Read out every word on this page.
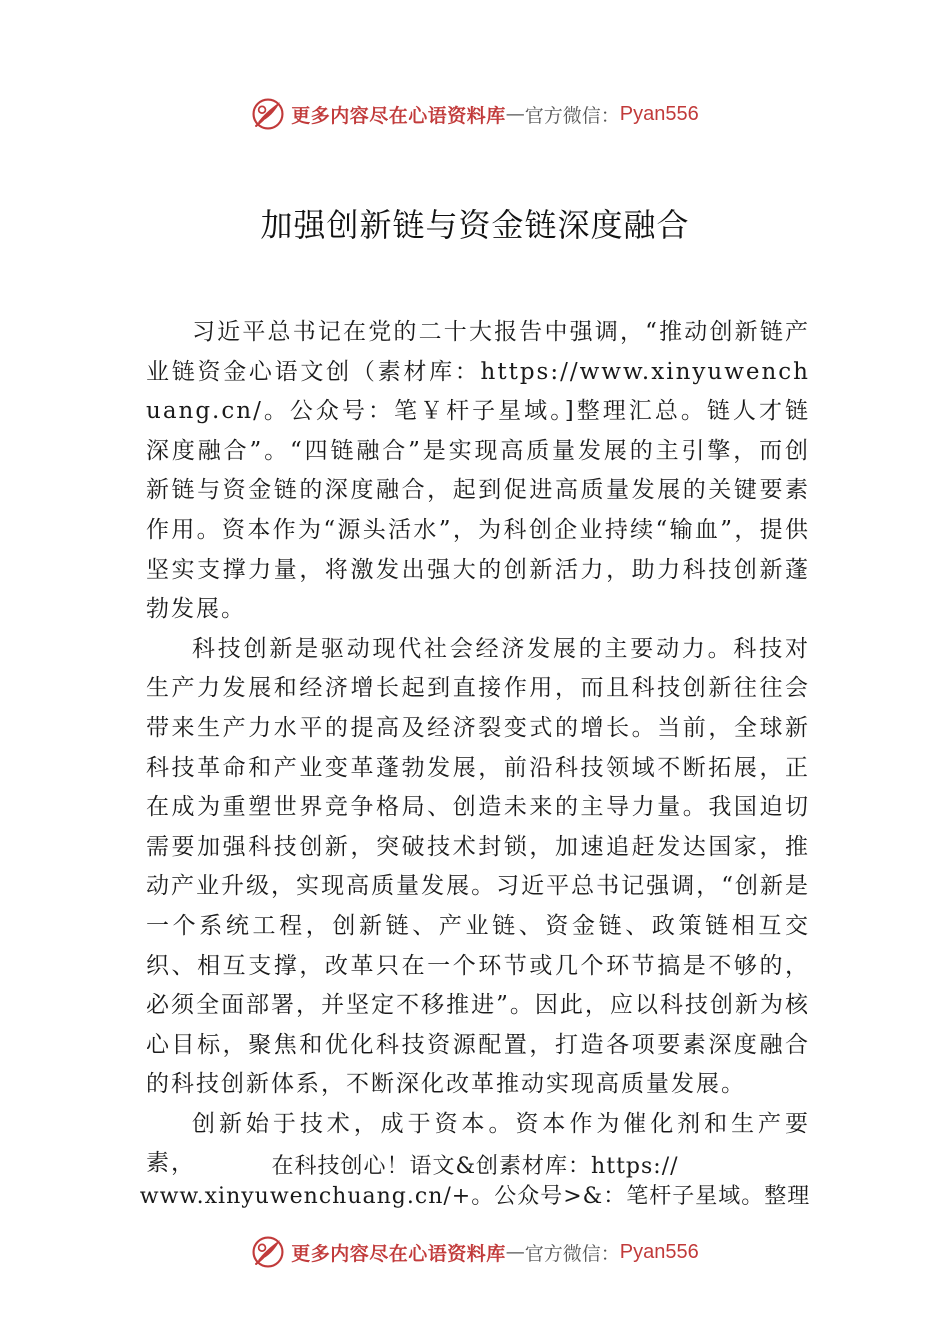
更多内容尽在心语资料库 — 官方微信： Pyan556
加强创新链与资金链深度融合

习近平总书记在党的二十大报告中强调，“推动创新链产业链资金心语文创（素材库：https://www.xinyuwenchuang.cn/。公众号：笔￥杆子星域。]整理汇总。链人才链深度融合”。“四链融合”是实现高质量发展的主引擎，而创新链与资金链的深度融合，起到促进高质量发展的关键要素作用。资本作为“源头活水”，为科创企业持续“输血”，提供坚实支撑力量，将激发出强大的创新活力，助力科技创新蓬勃发展。

科技创新是驱动现代社会经济发展的主要动力。科技对生产力发展和经济增长起到直接作用，而且科技创新往往会带来生产力水平的提高及经济裂变式的增长。当前，全球新科技革命和产业变革蓬勃发展，前沿科技领域不断拓展，正在成为重塑世界竞争格局、创造未来的主导力量。我国迫切需要加强科技创新，突破技术封锁，加速追赶发达国家，推动产业升级，实现高质量发展。习近平总书记强调，“创新是一个系统工程，创新链、产业链、资金链、政策链相互交织、相互支撑，改革只在一个环节或几个环节搞是不够的，必须全面部署，并坚定不移推进”。因此，应以科技创新为核心目标，聚焦和优化科技资源配置，打造各项要素深度融合的科技创新体系，不断深化改革推动实现高质量发展。

创新始于技术，成于资本。资本作为催化剂和生产要素，	在科技创心！语文&创素材库：https://
www.xinyuwenchuang.cn/+。公众号>&：笔杆子星域。整理
更多内容尽在心语资料库 — 官方微信： Pyan556
